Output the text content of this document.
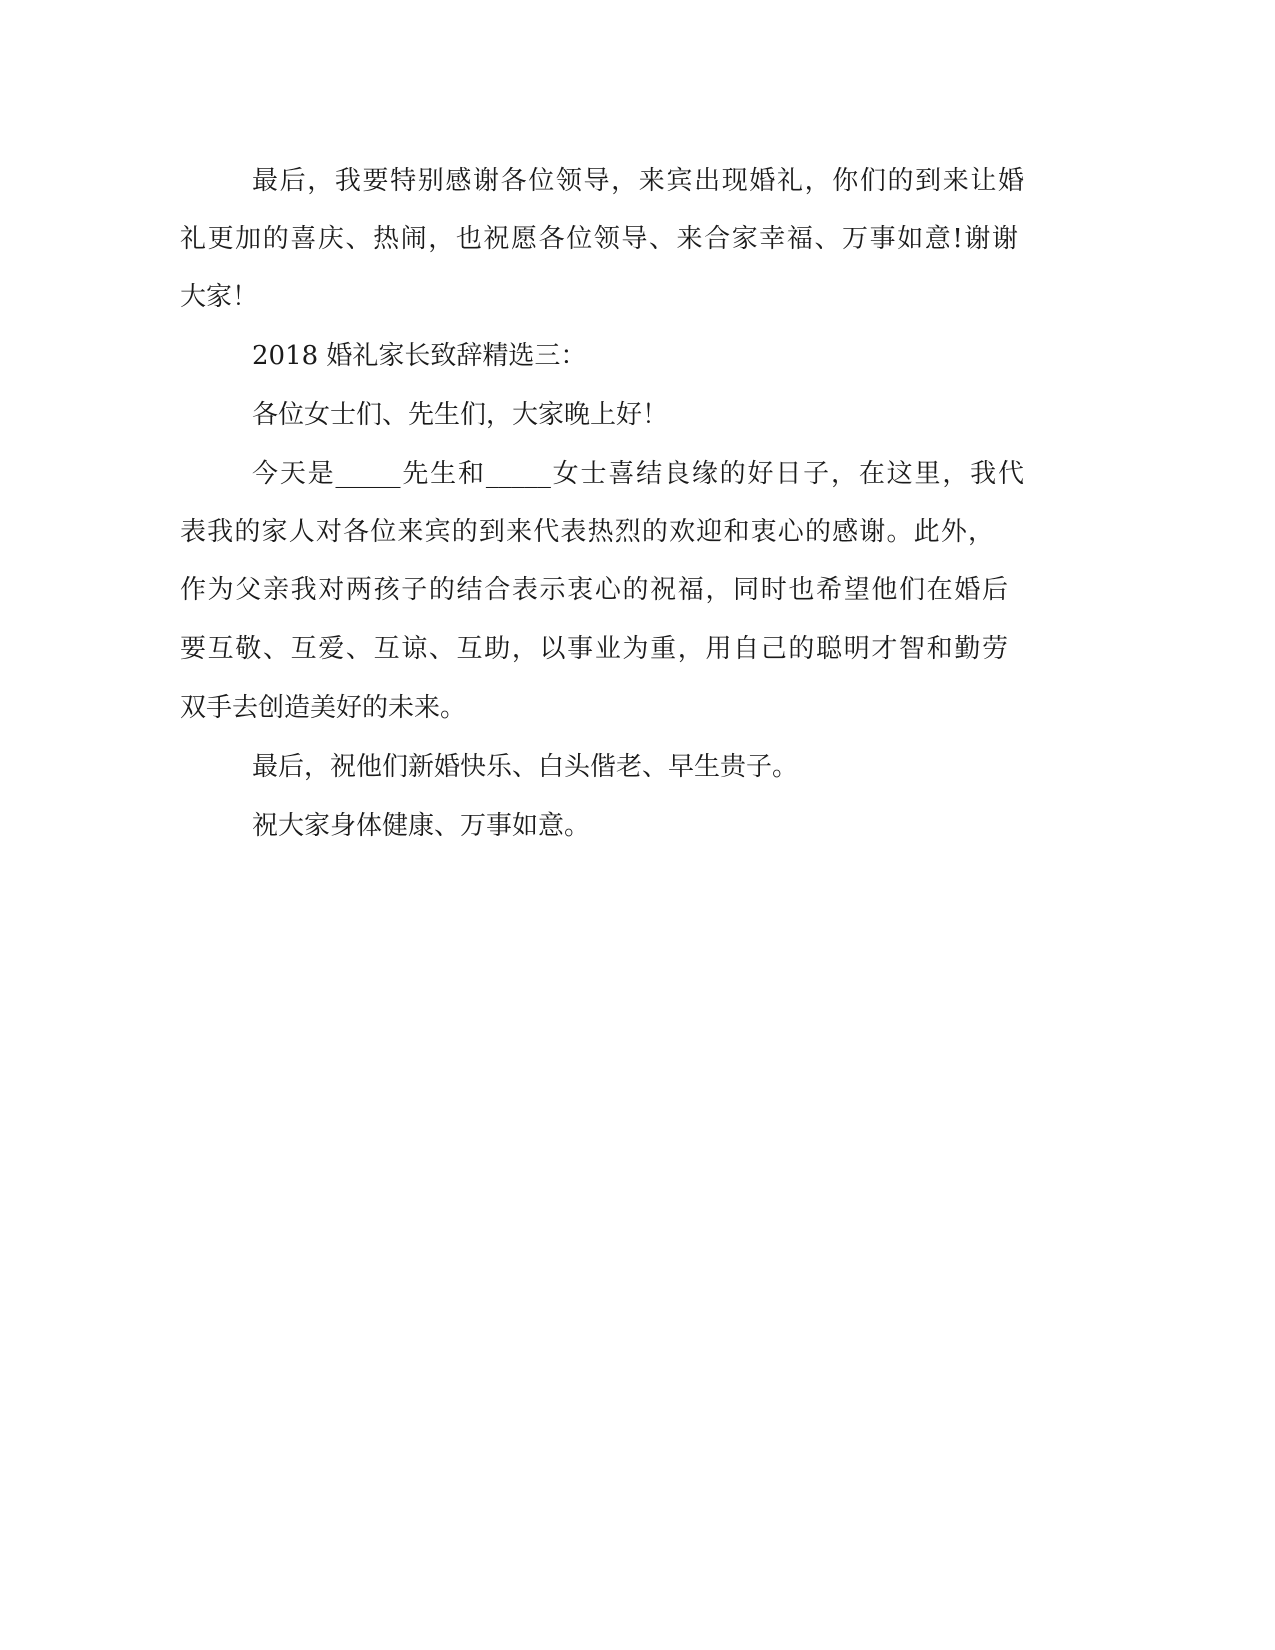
最后，我要特别感谢各位领导，来宾出现婚礼，你们的到来让婚
礼更加的喜庆、热闹，也祝愿各位领导、来合家幸福、万事如意!谢谢
大家！
2018 婚礼家长致辞精选三：
各位女士们、先生们，大家晚上好！
今天是_____先生和_____女士喜结良缘的好日子，在这里，我代
表我的家人对各位来宾的到来代表热烈的欢迎和衷心的感谢。此外，
作为父亲我对两孩子的结合表示衷心的祝福，同时也希望他们在婚后
要互敬、互爱、互谅、互助，以事业为重，用自己的聪明才智和勤劳
双手去创造美好的未来。
最后，祝他们新婚快乐、白头偕老、早生贵子。
祝大家身体健康、万事如意。
